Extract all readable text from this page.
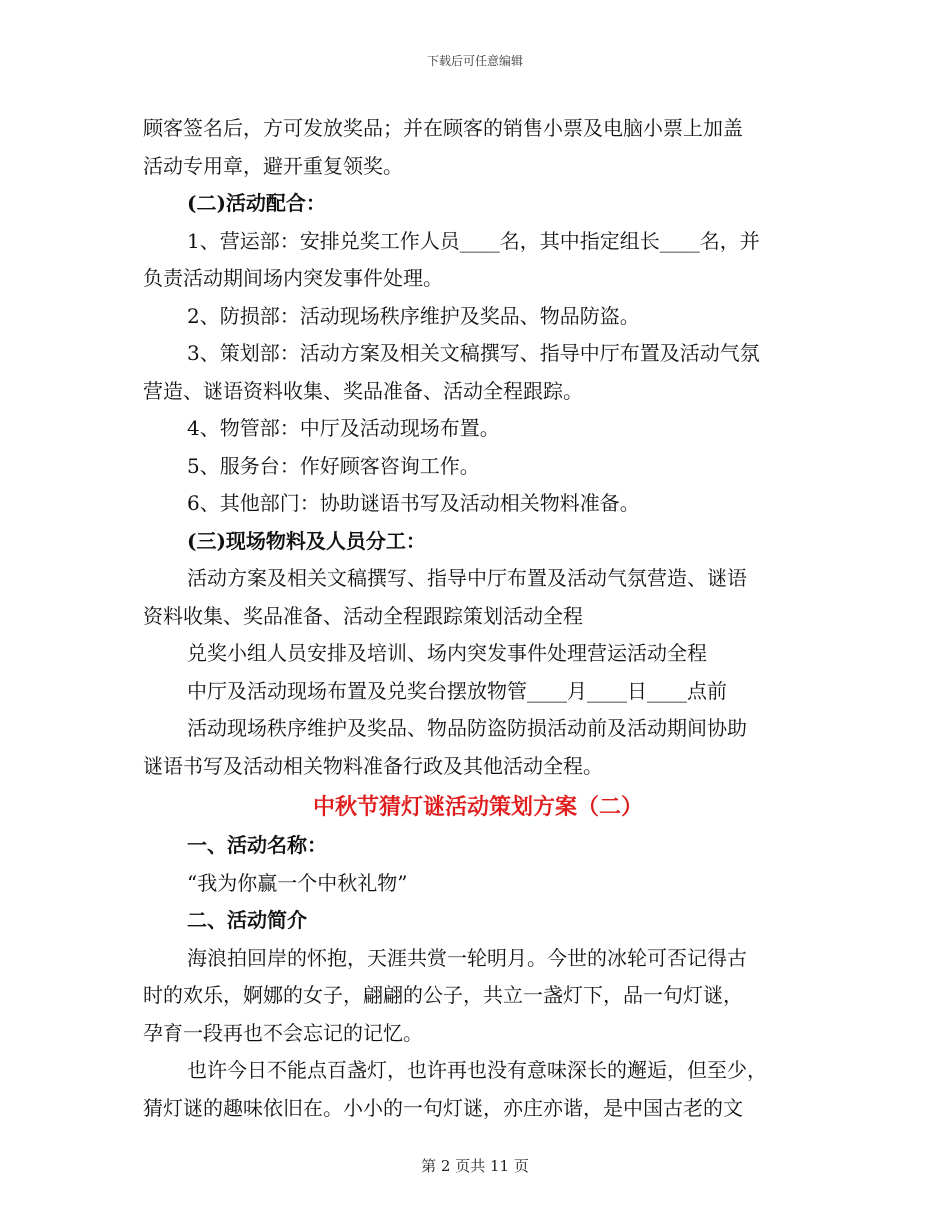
下载后可任意编辑
顾客签名后，方可发放奖品；并在顾客的销售小票及电脑小票上加盖
活动专用章，避开重复领奖。
(二)活动配合：
1、营运部：安排兑奖工作人员____名，其中指定组长____名，并
负责活动期间场内突发事件处理。
2、防损部：活动现场秩序维护及奖品、物品防盗。
3、策划部：活动方案及相关文稿撰写、指导中厅布置及活动气氛
营造、谜语资料收集、奖品准备、活动全程跟踪。
4、物管部：中厅及活动现场布置。
5、服务台：作好顾客咨询工作。
6、其他部门：协助谜语书写及活动相关物料准备。
(三)现场物料及人员分工：
活动方案及相关文稿撰写、指导中厅布置及活动气氛营造、谜语
资料收集、奖品准备、活动全程跟踪策划活动全程
兑奖小组人员安排及培训、场内突发事件处理营运活动全程
中厅及活动现场布置及兑奖台摆放物管____月____日____点前
活动现场秩序维护及奖品、物品防盗防损活动前及活动期间协助
谜语书写及活动相关物料准备行政及其他活动全程。
中秋节猜灯谜活动策划方案（二）
一、活动名称：
“我为你赢一个中秋礼物”
二、活动简介
海浪拍回岸的怀抱，天涯共赏一轮明月。今世的冰轮可否记得古
时的欢乐，婀娜的女子，翩翩的公子，共立一盏灯下，品一句灯谜，
孕育一段再也不会忘记的记忆。
也许今日不能点百盏灯，也许再也没有意味深长的邂逅，但至少，
猜灯谜的趣味依旧在。小小的一句灯谜，亦庄亦谐，是中国古老的文
第 2 页共 11 页
